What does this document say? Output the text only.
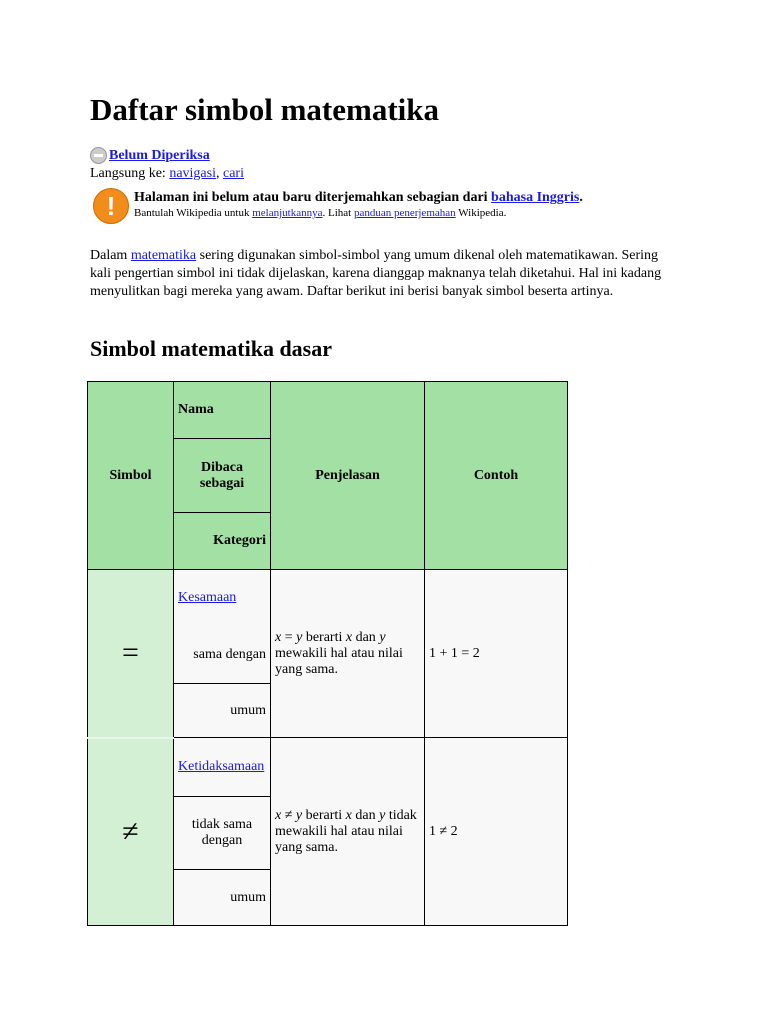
Daftar simbol matematika
Belum Diperiksa
Langsung ke: navigasi, cari
!	Halaman ini belum atau baru diterjemahkan sebagian dari bahasa Inggris.
Bantulah Wikipedia untuk melanjutkannya. Lihat panduan penerjemahan Wikipedia.

Dalam matematika sering digunakan simbol-simbol yang umum dikenal oleh matematikawan. Sering kali pengertian simbol ini tidak dijelaskan, karena dianggap maknanya telah diketahui. Hal ini kadang menyulitkan bagi mereka yang awam. Daftar berikut ini berisi banyak simbol beserta artinya.

Simbol matematika dasar
Simbol	Nama	Penjelasan	Contoh
	Dibaca sebagai		
	Kategori		
=	Kesamaan	x = y berarti x dan y mewakili hal atau nilai yang sama.	1 + 1 = 2
	sama dengan		
	umum		
≠	Ketidaksamaan	x ≠ y berarti x dan y tidak mewakili hal atau nilai yang sama.	1 ≠ 2
	tidak sama dengan		
	umum		
